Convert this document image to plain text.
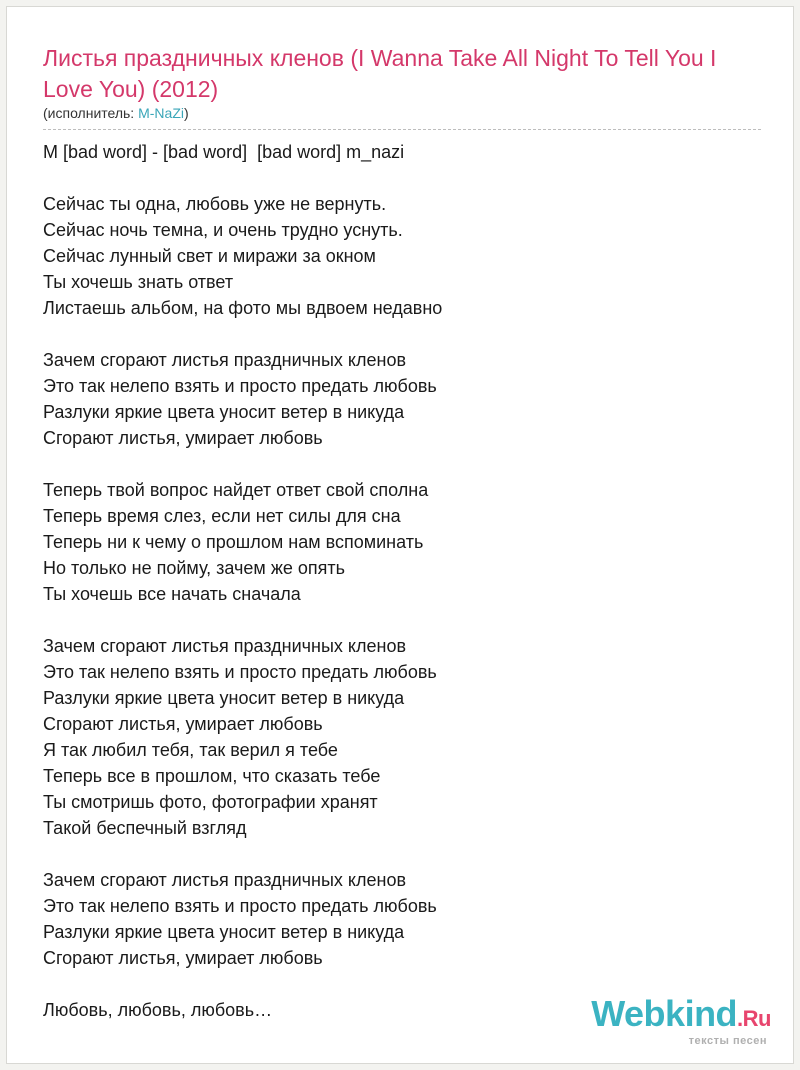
Листья праздничных кленов (I Wanna Take All Night To Tell You I Love You) (2012)
(исполнитель: M-NaZi)
M [bad word] - [bad word]  [bad word] m_nazi
Сейчас ты одна, любовь уже не вернуть.
Сейчас ночь темна, и очень трудно уснуть.
Сейчас лунный свет и миражи за окном
Ты хочешь знать ответ
Листаешь альбом, на фото мы вдвоем недавно
Зачем сгорают листья праздничных кленов
Это так нелепо взять и просто предать любовь
Разлуки яркие цвета уносит ветер в никуда
Сгорают листья, умирает любовь
Теперь твой вопрос найдет ответ свой сполна
Теперь время слез, если нет силы для сна
Теперь ни к чему о прошлом нам вспоминать
Но только не пойму, зачем же опять
Ты хочешь все начать сначала
Зачем сгорают листья праздничных кленов
Это так нелепо взять и просто предать любовь
Разлуки яркие цвета уносит ветер в никуда
Сгорают листья, умирает любовь
Я так любил тебя, так верил я тебе
Теперь все в прошлом, что сказать тебе
Ты смотришь фото, фотографии хранят
Такой беспечный взгляд
Зачем сгорают листья праздничных кленов
Это так нелепо взять и просто предать любовь
Разлуки яркие цвета уносит ветер в никуда
Сгорают листья, умирает любовь
Любовь, любовь, любовь…	Webkind.Ru
тексты песен
